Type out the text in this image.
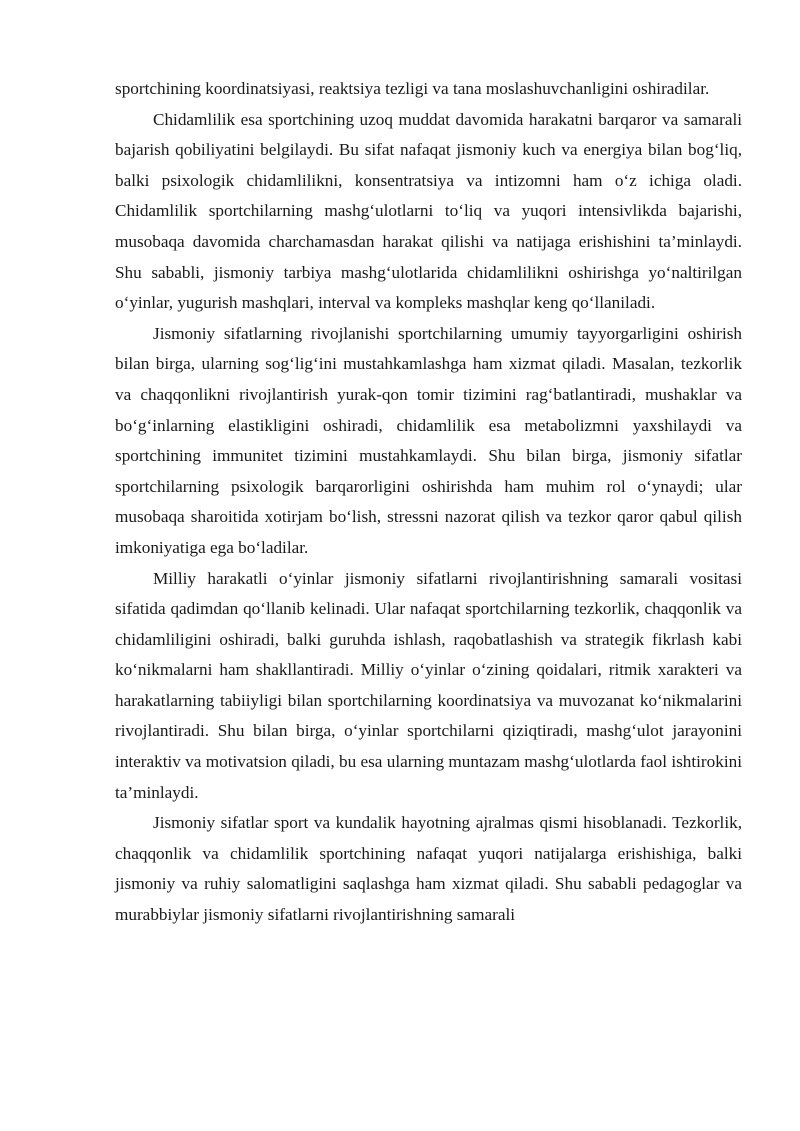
sportchining koordinatsiyasi, reaktsiya tezligi va tana moslashuvchanligini oshiradilar.

Chidamlilik esa sportchining uzoq muddat davomida harakatni barqaror va samarali bajarish qobiliyatini belgilaydi. Bu sifat nafaqat jismoniy kuch va energiya bilan bog‘liq, balki psixologik chidamlilikni, konsentratsiya va intizomni ham o‘z ichiga oladi. Chidamlilik sportchilarning mashg‘ulotlarni to‘liq va yuqori intensivlikda bajarishi, musobaqa davomida charchamasdan harakat qilishi va natijaga erishishini ta’minlaydi. Shu sababli, jismoniy tarbiya mashg‘ulotlarida chidamlilikni oshirishga yo‘naltirilgan o‘yinlar, yugurish mashqlari, interval va kompleks mashqlar keng qo‘llaniladi.

Jismoniy sifatlarning rivojlanishi sportchilarning umumiy tayyorgarligini oshirish bilan birga, ularning sog‘lig‘ini mustahkamlashga ham xizmat qiladi. Masalan, tezkorlik va chaqqonlikni rivojlantirish yurak-qon tomir tizimini rag‘batlantiradi, mushaklar va bo‘g‘inlarning elastikligini oshiradi, chidamlilik esa metabolizmni yaxshilaydi va sportchining immunitet tizimini mustahkamlaydi. Shu bilan birga, jismoniy sifatlar sportchilarning psixologik barqarorligini oshirishda ham muhim rol o‘ynaydi; ular musobaqa sharoitida xotirjam bo‘lish, stressni nazorat qilish va tezkor qaror qabul qilish imkoniyatiga ega bo‘ladilar.

Milliy harakatli o‘yinlar jismoniy sifatlarni rivojlantirishning samarali vositasi sifatida qadimdan qo‘llanib kelinadi. Ular nafaqat sportchilarning tezkorlik, chaqqonlik va chidamliligini oshiradi, balki guruhda ishlash, raqobatlashish va strategik fikrlash kabi ko‘nikmalarni ham shakllantiradi. Milliy o‘yinlar o‘zining qoidalari, ritmik xarakteri va harakatlarning tabiiyligi bilan sportchilarning koordinatsiya va muvozanat ko‘nikmalarini rivojlantiradi. Shu bilan birga, o‘yinlar sportchilarni qiziqtiradi, mashg‘ulot jarayonini interaktiv va motivatsion qiladi, bu esa ularning muntazam mashg‘ulotlarda faol ishtirokini ta’minlaydi.

Jismoniy sifatlar sport va kundalik hayotning ajralmas qismi hisoblanadi. Tezkorlik, chaqqonlik va chidamlilik sportchining nafaqat yuqori natijalarga erishishiga, balki jismoniy va ruhiy salomatligini saqlashga ham xizmat qiladi. Shu sababli pedagoglar va murabbiylar jismoniy sifatlarni rivojlantirishning samarali
